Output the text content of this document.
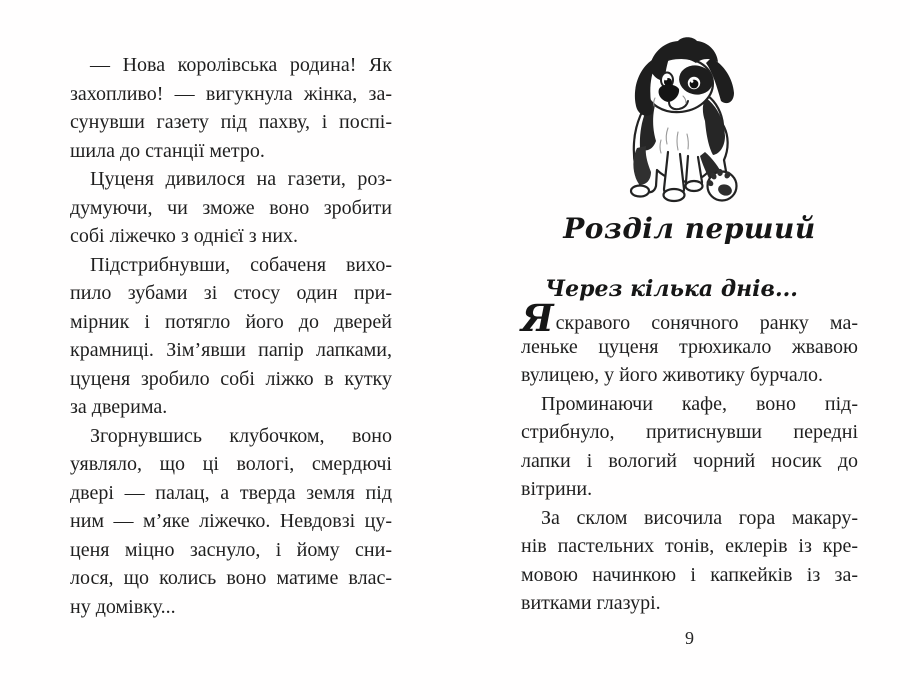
— Нова королівська родина! Як
захопливо! — вигукнула жінка, за-
сунувши газету під пахву, і поспі-
шила до станції метро.
Цуценя дивилося на газети, роз-
думуючи, чи зможе воно зробити
собі ліжечко з однієї з них.
Підстрибнувши, собаченя вихо-
пило зубами зі стосу один при-
мірник і потягло його до дверей
крамниці. Зім’явши папір лапками,
цуценя зробило собі ліжко в кутку
за дверима.
Згорнувшись клубочком, воно
уявляло, що ці вологі, смердючі
двері — палац, а тверда земля під
ним — м’яке ліжечко. Невдовзі цу-
ценя міцно заснуло, і йому сни-
лося, що колись воно матиме влас-
ну домівку...
Розділ перший
Через кілька днів...
Яскравого сонячного ранку ма-
леньке цуценя трюхикало жвавою
вулицею, у його животику бурчало.
Проминаючи кафе, воно під-
стрибнуло, притиснувши передні
лапки і вологий чорний носик до
вітрини.
За склом височила гора макару-
нів пастельних тонів, еклерів із кре-
мовою начинкою і капкейків із за-
витками глазурі.
9
